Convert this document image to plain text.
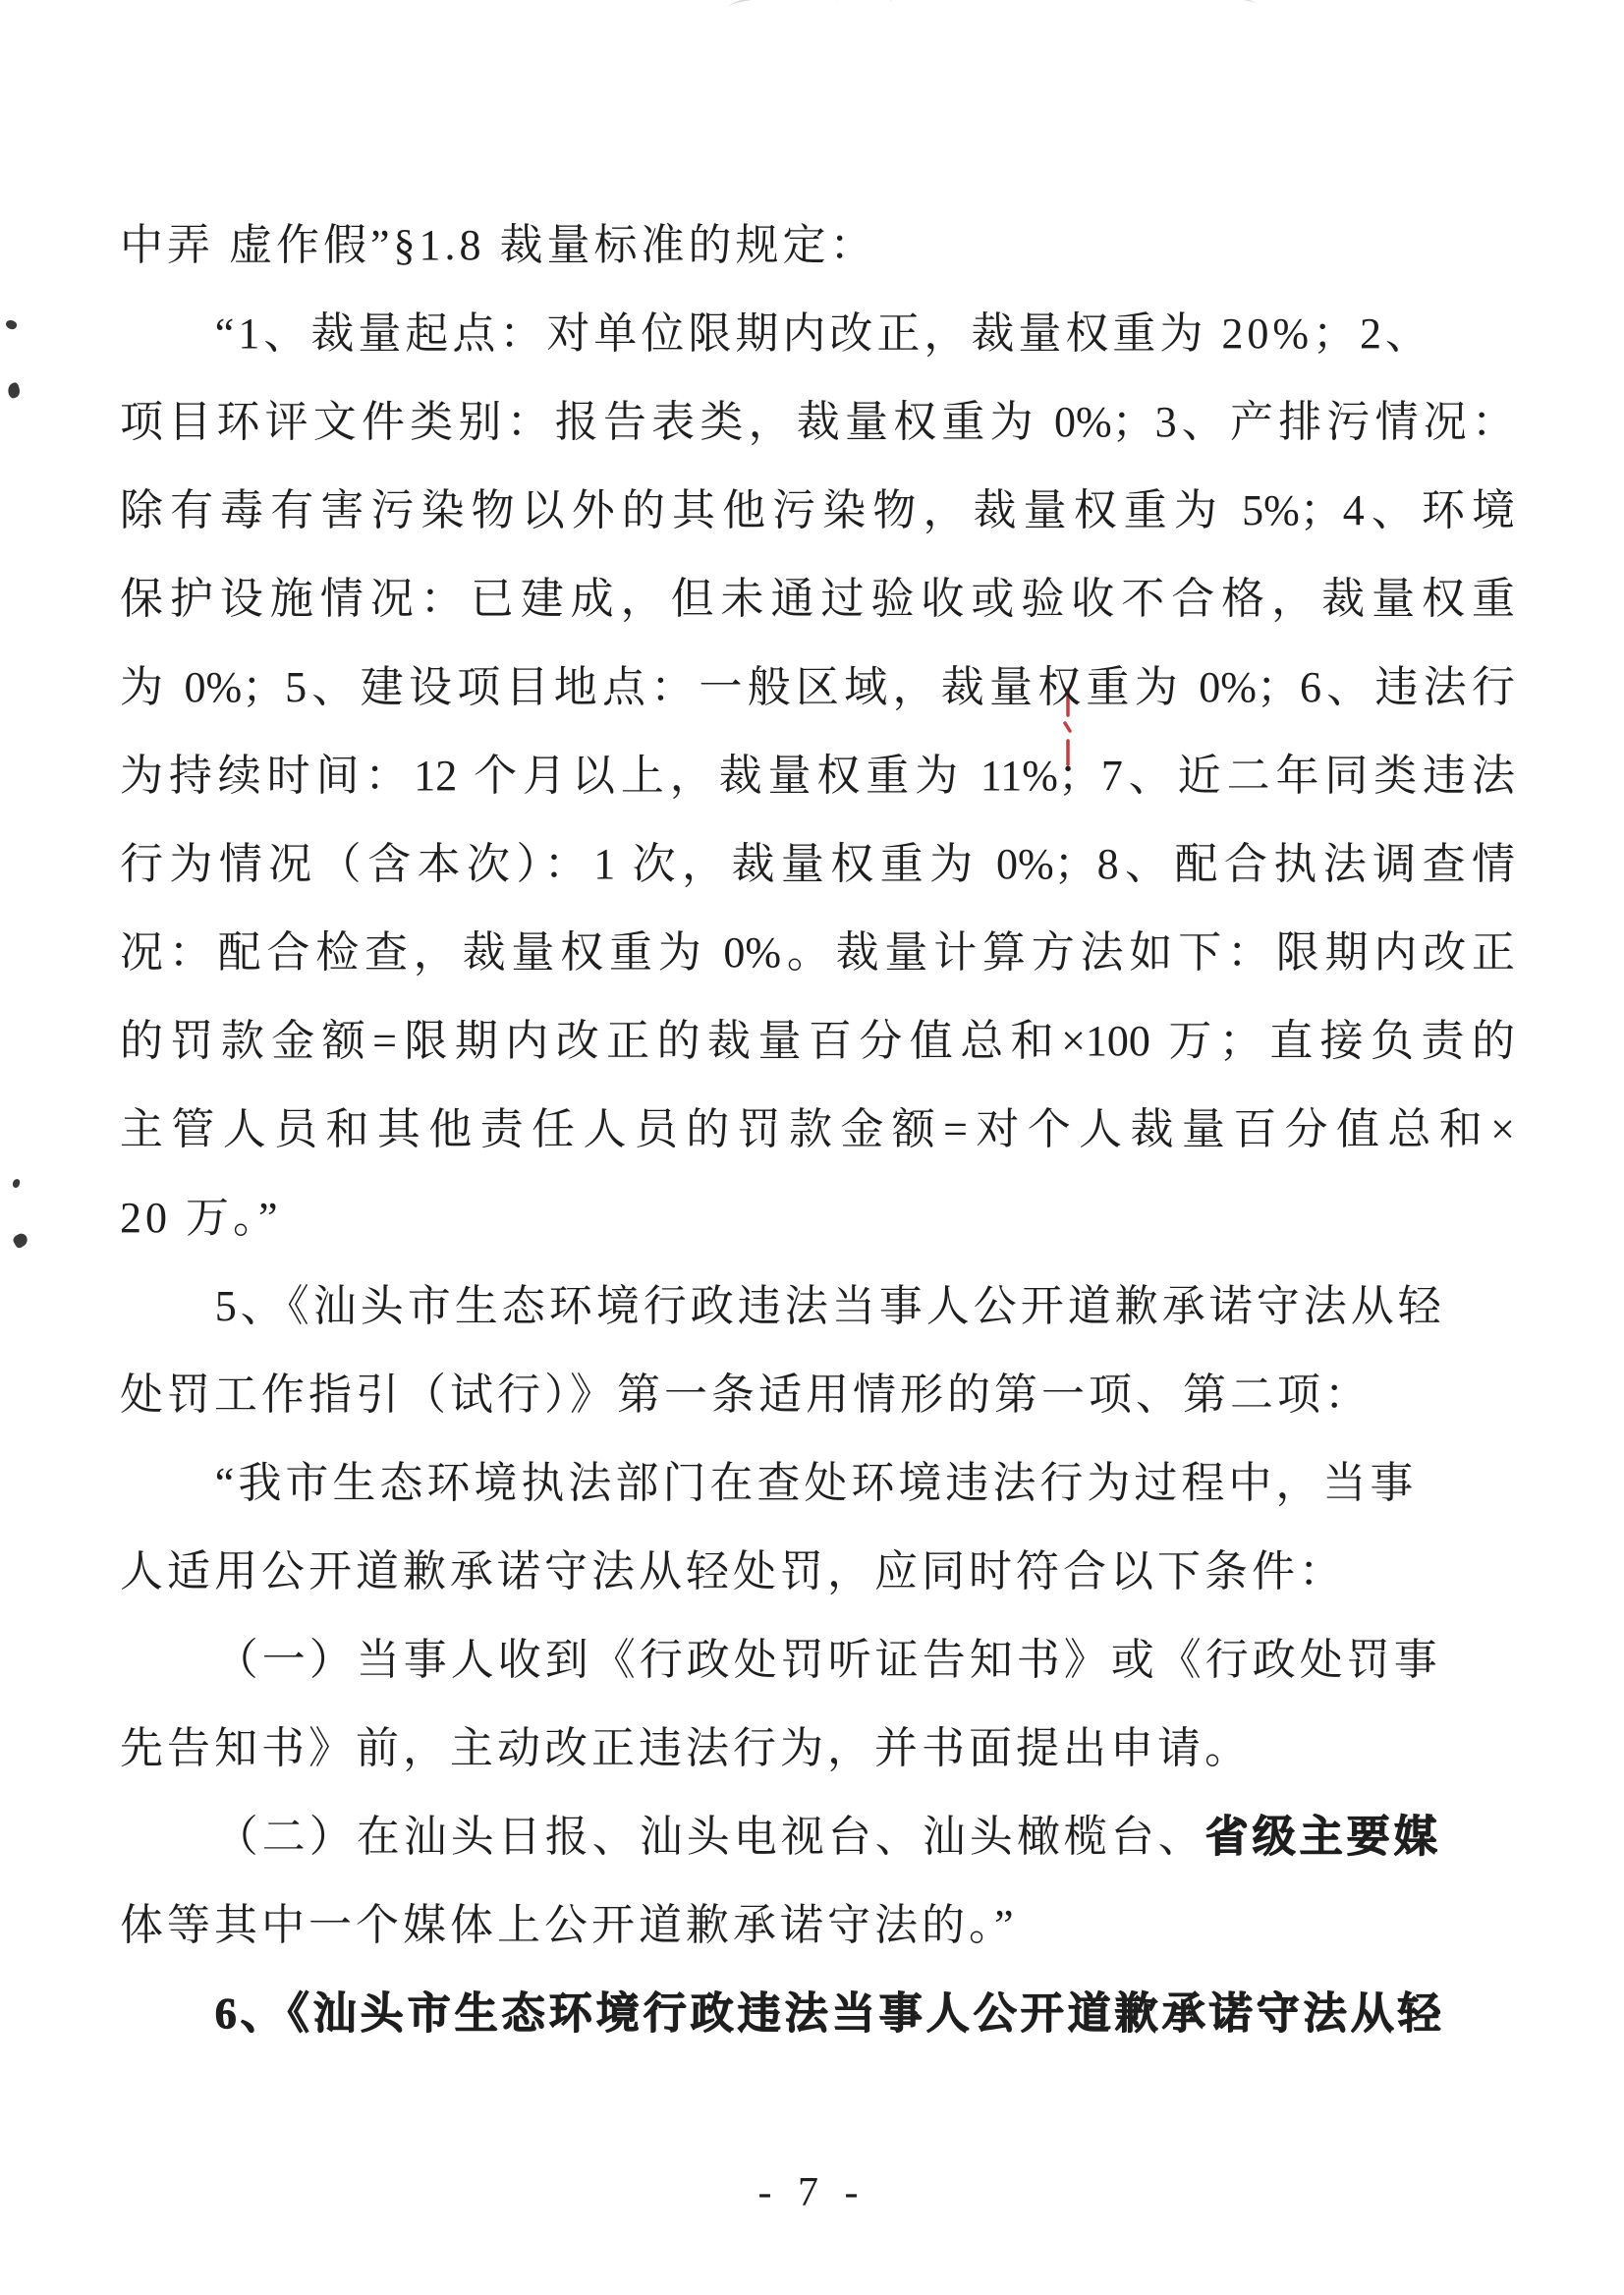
中弄 虚作假”§1.8 裁量标准的规定：
“1、裁量起点：对单位限期内改正，裁量权重为 20%；2、
项目环评文件类别：报告表类，裁量权重为 0%；3、产排污情况：
除有毒有害污染物以外的其他污染物，裁量权重为 5%；4、环境
保护设施情况：已建成，但未通过验收或验收不合格，裁量权重
为 0%；5、建设项目地点：一般区域，裁量权重为 0%；6、违法行
为持续时间：12 个月以上，裁量权重为 11%；7、近二年同类违法
行为情况（含本次）：1 次，裁量权重为 0%；8、配合执法调查情
况：配合检查，裁量权重为 0%。裁量计算方法如下：限期内改正
的罚款金额=限期内改正的裁量百分值总和×100 万；直接负责的
主管人员和其他责任人员的罚款金额=对个人裁量百分值总和×
20 万。”
5、《汕头市生态环境行政违法当事人公开道歉承诺守法从轻
处罚工作指引（试行）》第一条适用情形的第一项、第二项：
“我市生态环境执法部门在查处环境违法行为过程中，当事
人适用公开道歉承诺守法从轻处罚，应同时符合以下条件：
（一）当事人收到《行政处罚听证告知书》或《行政处罚事
先告知书》前，主动改正违法行为，并书面提出申请。
（二）在汕头日报、汕头电视台、汕头橄榄台、省级主要媒
体等其中一个媒体上公开道歉承诺守法的。”
6、《汕头市生态环境行政违法当事人公开道歉承诺守法从轻
- 7 -
